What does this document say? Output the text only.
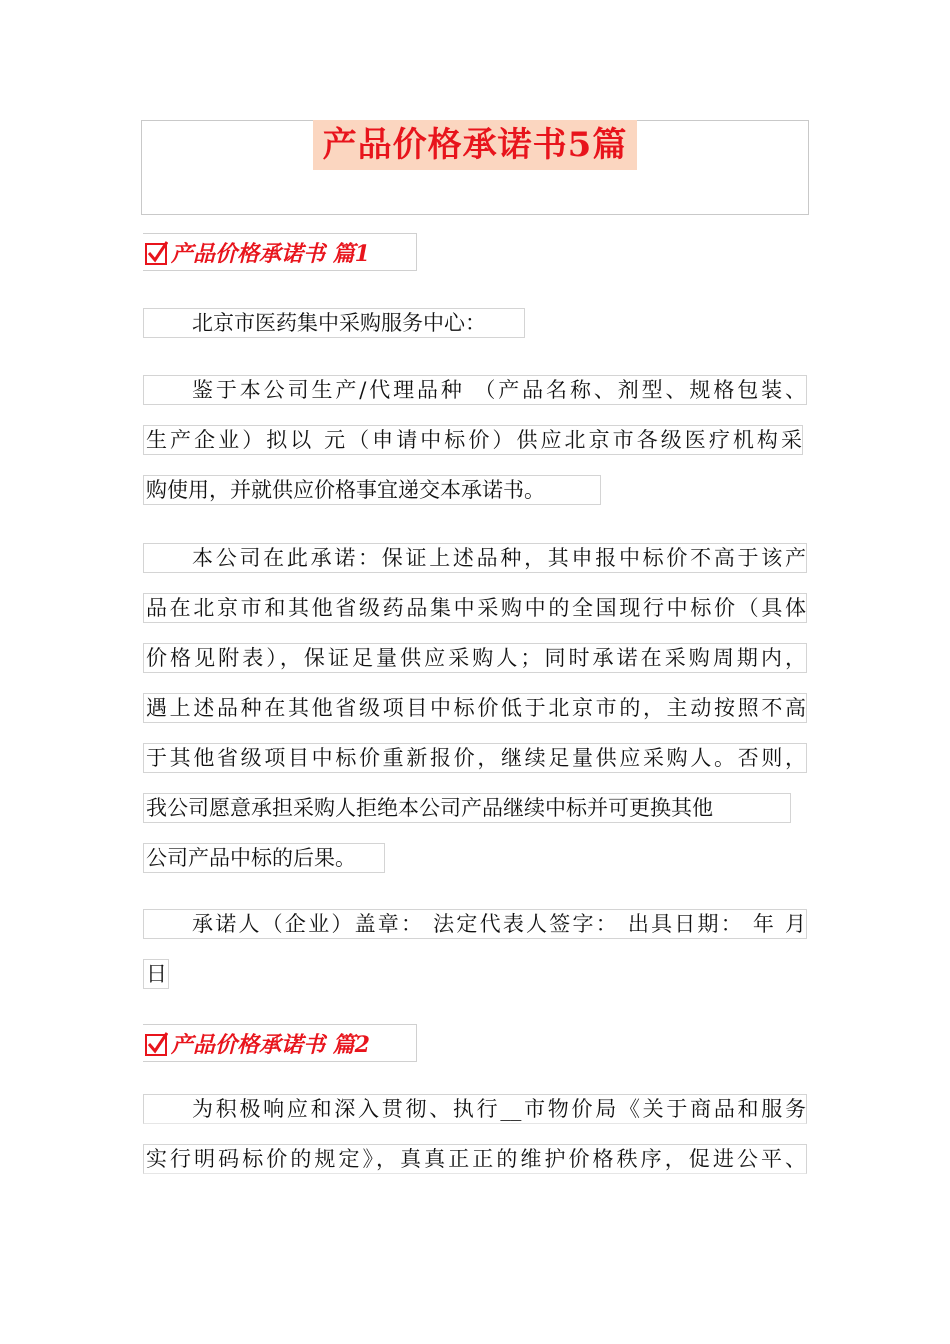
产品价格承诺书5篇
产品价格承诺书 篇1
北京市医药集中采购服务中心：
鉴于本公司生产/代理品种 （产品名称、剂型、规格包装、
生产企业）拟以 元（申请中标价）供应北京市各级医疗机构采
购使用，并就供应价格事宜递交本承诺书。
本公司在此承诺：保证上述品种，其申报中标价不高于该产
品在北京市和其他省级药品集中采购中的全国现行中标价（具体
价格见附表），保证足量供应采购人；同时承诺在采购周期内，
遇上述品种在其他省级项目中标价低于北京市的，主动按照不高
于其他省级项目中标价重新报价，继续足量供应采购人。否则，
我公司愿意承担采购人拒绝本公司产品继续中标并可更换其他
公司产品中标的后果。
承诺人（企业）盖章： 法定代表人签字： 出具日期： 年 月
日
产品价格承诺书 篇2
为积极响应和深入贯彻、执行__市物价局《关于商品和服务
实行明码标价的规定》，真真正正的维护价格秩序，促进公平、
